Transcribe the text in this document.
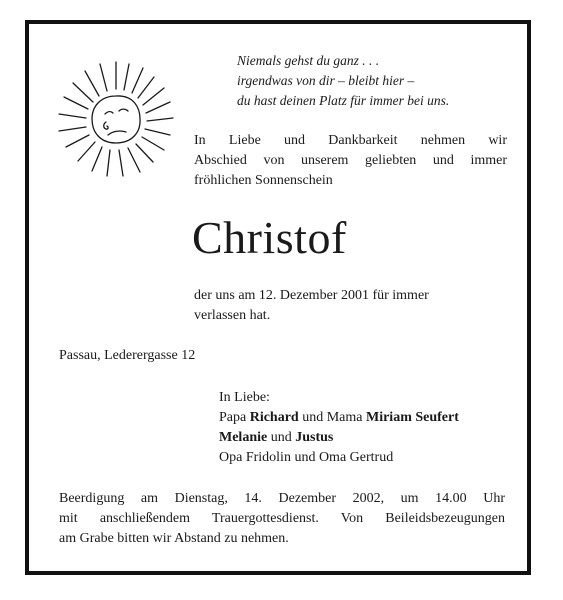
Niemals gehst du ganz . . .
irgendwas von dir – bleibt hier –
du hast deinen Platz für immer bei uns.
In Liebe und Dankbarkeit nehmen wir
Abschied von unserem geliebten und immer
fröhlichen Sonnenschein
Christof
der uns am 12. Dezember 2001 für immer
verlassen hat.
Passau, Lederergasse 12
In Liebe:
Papa Richard und Mama Miriam Seufert
Melanie und Justus
Opa Fridolin und Oma Gertrud
Beerdigung am Dienstag, 14. Dezember 2002, um 14.00 Uhr
mit anschließendem Trauergottesdienst. Von Beileidsbezeugungen
am Grabe bitten wir Abstand zu nehmen.
